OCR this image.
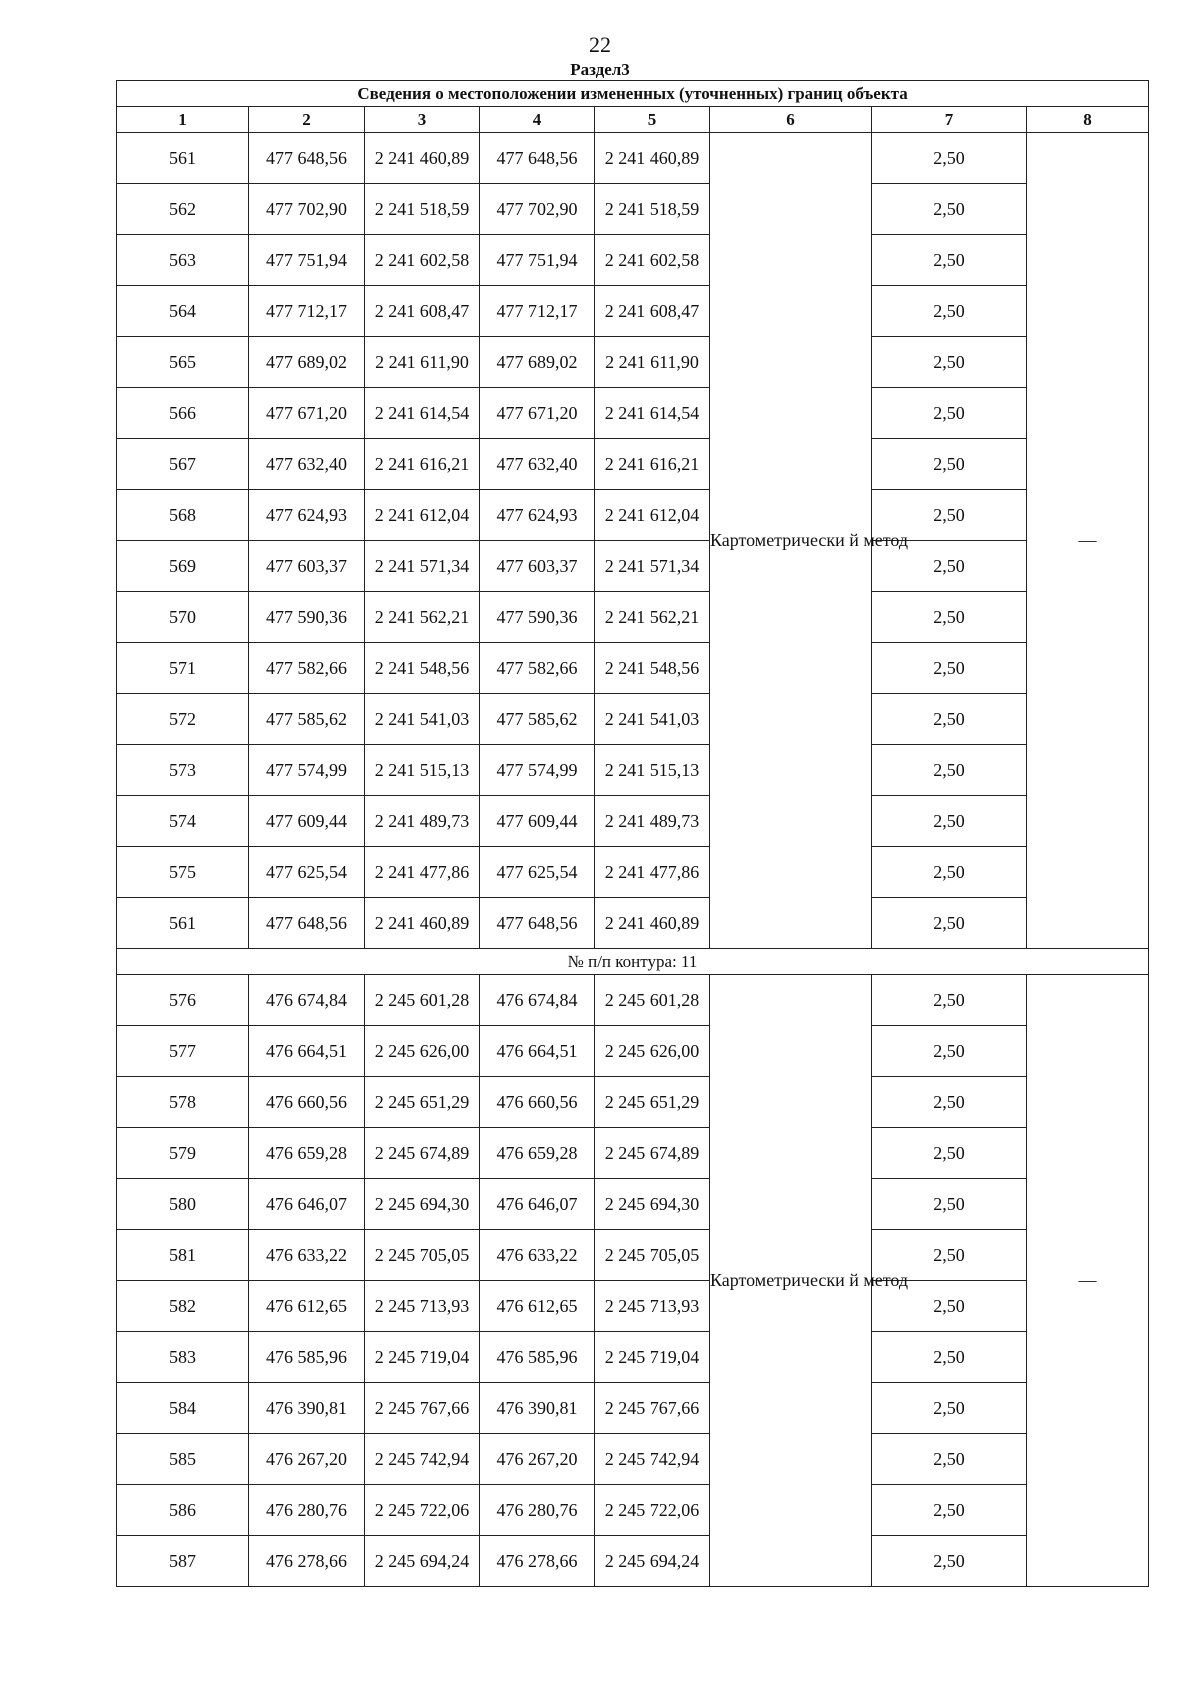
22
Раздел3
Сведения о местоположении измененных (уточненных) границ объекта							
1	2	3	4	5	6	7	8
561	477 648,56	2 241 460,89	477 648,56	2 241 460,89	Картометрически й метод	2,50	—
562	477 702,90	2 241 518,59	477 702,90	2 241 518,59		2,50	
563	477 751,94	2 241 602,58	477 751,94	2 241 602,58		2,50	
564	477 712,17	2 241 608,47	477 712,17	2 241 608,47		2,50	
565	477 689,02	2 241 611,90	477 689,02	2 241 611,90		2,50	
566	477 671,20	2 241 614,54	477 671,20	2 241 614,54		2,50	
567	477 632,40	2 241 616,21	477 632,40	2 241 616,21		2,50	
568	477 624,93	2 241 612,04	477 624,93	2 241 612,04		2,50	
569	477 603,37	2 241 571,34	477 603,37	2 241 571,34		2,50	
570	477 590,36	2 241 562,21	477 590,36	2 241 562,21		2,50	
571	477 582,66	2 241 548,56	477 582,66	2 241 548,56		2,50	
572	477 585,62	2 241 541,03	477 585,62	2 241 541,03		2,50	
573	477 574,99	2 241 515,13	477 574,99	2 241 515,13		2,50	
574	477 609,44	2 241 489,73	477 609,44	2 241 489,73		2,50	
575	477 625,54	2 241 477,86	477 625,54	2 241 477,86		2,50	
561	477 648,56	2 241 460,89	477 648,56	2 241 460,89		2,50	
№ п/п контура: 11							
576	476 674,84	2 245 601,28	476 674,84	2 245 601,28	Картометрически й метод	2,50	—
577	476 664,51	2 245 626,00	476 664,51	2 245 626,00		2,50	
578	476 660,56	2 245 651,29	476 660,56	2 245 651,29		2,50	
579	476 659,28	2 245 674,89	476 659,28	2 245 674,89		2,50	
580	476 646,07	2 245 694,30	476 646,07	2 245 694,30		2,50	
581	476 633,22	2 245 705,05	476 633,22	2 245 705,05		2,50	
582	476 612,65	2 245 713,93	476 612,65	2 245 713,93		2,50	
583	476 585,96	2 245 719,04	476 585,96	2 245 719,04		2,50	
584	476 390,81	2 245 767,66	476 390,81	2 245 767,66		2,50	
585	476 267,20	2 245 742,94	476 267,20	2 245 742,94		2,50	
586	476 280,76	2 245 722,06	476 280,76	2 245 722,06		2,50	
587	476 278,66	2 245 694,24	476 278,66	2 245 694,24		2,50	
